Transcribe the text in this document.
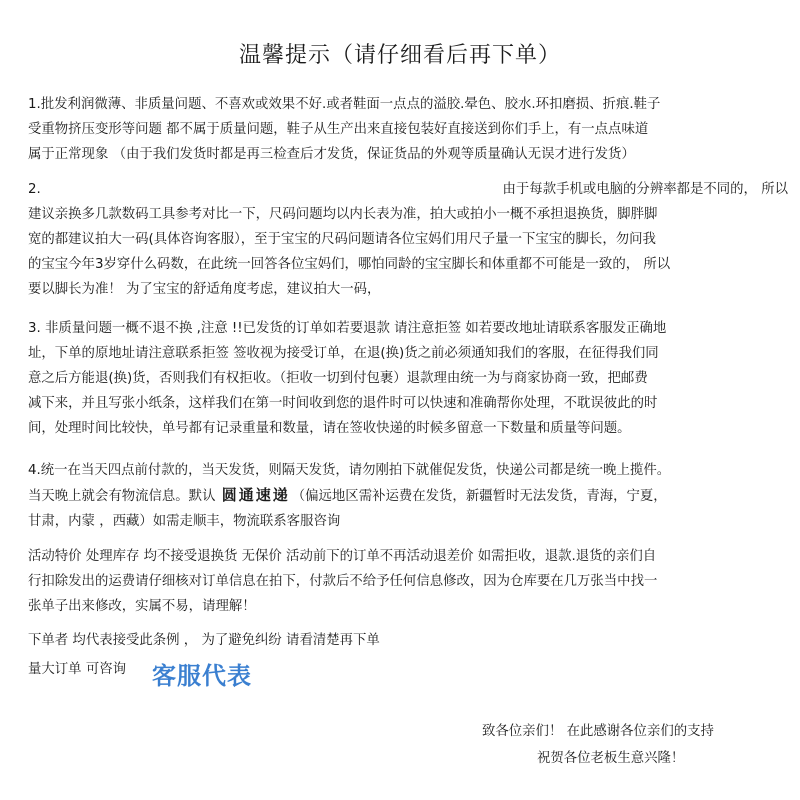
温馨提示（请仔细看后再下单）

1.批发利润微薄、非质量问题、不喜欢或效果不好.或者鞋面一点点的溢胶.晕色、胶水.环扣磨损、折痕.鞋子

受重物挤压变形等问题 都不属于质量问题，鞋子从生产出来直接包装好直接送到你们手上，有一点点味道

属于正常现象 （由于我们发货时都是再三检查后才发货，保证货品的外观等质量确认无误才进行发货）

2.	由于每款手机或电脑的分辨率都是不同的， 所以

建议亲换多几款数码工具参考对比一下，尺码问题均以内长表为准，拍大或拍小一概不承担退换货，脚胖脚

宽的都建议拍大一码(具体咨询客服），至于宝宝的尺码问题请各位宝妈们用尺子量一下宝宝的脚长，勿问我

的宝宝今年3岁穿什么码数，在此统一回答各位宝妈们，哪怕同龄的宝宝脚长和体重都不可能是一致的， 所以

要以脚长为准！ 为了宝宝的舒适角度考虑，建议拍大一码，

3. 非质量问题一概不退不换 ,注意 !!已发货的订单如若要退款 请注意拒签 如若要改地址请联系客服发正确地

址，下单的原地址请注意联系拒签 签收视为接受订单，在退(换)货之前必须通知我们的客服，在征得我们同

意之后方能退(换)货，否则我们有权拒收。（拒收一切到付包裹）退款理由统一为与商家协商一致，把邮费

减下来，并且写张小纸条，这样我们在第一时间收到您的退件时可以快速和准确帮你处理，不耽误彼此的时

间，处理时间比较快，单号都有记录重量和数量，请在签收快递的时候多留意一下数量和质量等问题。

4.统一在当天四点前付款的，当天发货，则隔天发货，请勿刚拍下就催促发货，快递公司都是统一晚上揽件。

当天晚上就会有物流信息。默认 圆通速递 （偏远地区需补运费在发货，新疆暂时无法发货，青海，宁夏，

甘肃，内蒙 ，西藏）如需走顺丰，物流联系客服咨询

活动特价 处理库存 均不接受退换货 无保价 活动前下的订单不再活动退差价 如需拒收，退款.退货的亲们自

行扣除发出的运费请仔细核对订单信息在拍下，付款后不给予任何信息修改，因为仓库要在几万张当中找一

张单子出来修改，实属不易，请理解！

下单者 均代表接受此条例 ， 为了避免纠纷 请看清楚再下单

量大订单 可咨询	客服代表
致各位亲们！ 在此感谢各位亲们的支持
祝贺各位老板生意兴隆！
